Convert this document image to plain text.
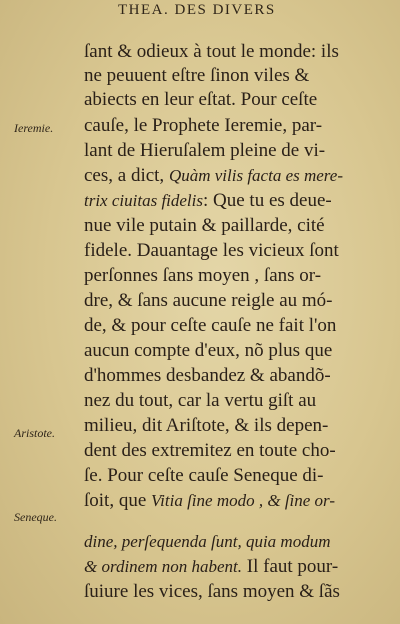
THEA. DES DIVERS
Ieremie.
Aristote.
Seneque.
ſant & odieux à tout le monde: ils
ne peuuent eſtre ſinon viles &
abiects en leur eſtat. Pour ceſte
cauſe, le Prophete Ieremie, par-
lant de Hieruſalem pleine de vi-
ces, a dict, Quàm vilis facta es mere-
trix ciuitas fidelis: Que tu es deue-
nue vile putain & paillarde, cité
fidele. Dauantage les vicieux ſont
perſonnes ſans moyen , ſans or-
dre, & ſans aucune reigle au mó-
de, & pour ceſte cauſe ne fait l'on
aucun compte d'eux, nõ plus que
d'hommes desbandez & abandõ-
nez du tout, car la vertu giſt au
milieu, dit Ariſtote, & ils depen-
dent des extremitez en toute cho-
ſe. Pour ceſte cauſe Seneque di-
ſoit, que Vitia ſine modo , & ſine or-
dine, perſequenda ſunt, quia modum
& ordinem non habent. Il faut pour-
ſuiure les vices, ſans moyen & ſãs
